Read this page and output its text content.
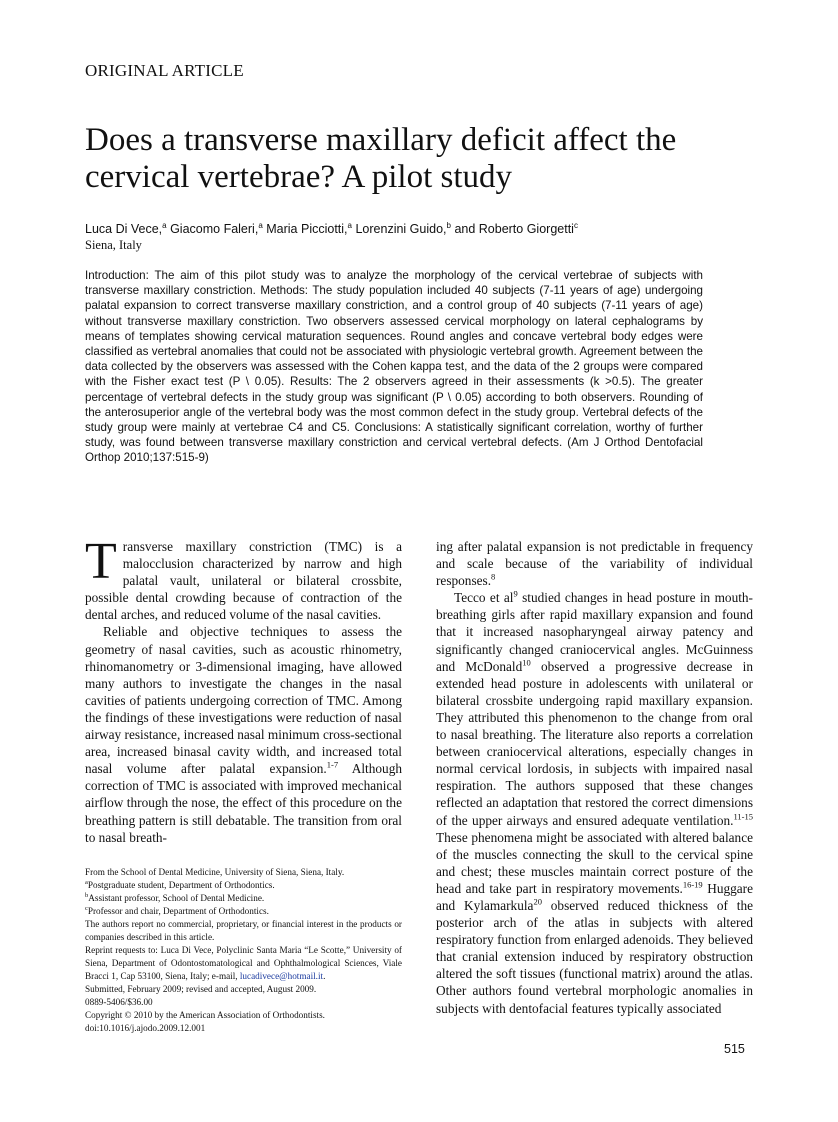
ORIGINAL ARTICLE
Does a transverse maxillary deficit affect the cervical vertebrae? A pilot study
Luca Di Vece,$^a$ Giacomo Faleri,$^a$ Maria Picciotti,$^a$ Lorenzini Guido,$^b$ and Roberto Giorgetti$^c$
Siena, Italy

Introduction: The aim of this pilot study was to analyze the morphology of the cervical vertebrae of subjects with transverse maxillary constriction. Methods: The study population included 40 subjects (7-11 years of age) undergoing palatal expansion to correct transverse maxillary constriction, and a control group of 40 subjects (7-11 years of age) without transverse maxillary constriction. Two observers assessed cervical morphology on lateral cephalograms by means of templates showing cervical maturation sequences. Round angles and concave vertebral body edges were classified as vertebral anomalies that could not be associated with physiologic vertebral growth. Agreement between the data collected by the observers was assessed with the Cohen kappa test, and the data of the 2 groups were compared with the Fisher exact test (P \ 0.05). Results: The 2 observers agreed in their assessments (k >0.5). The greater percentage of vertebral defects in the study group was significant (P \ 0.05) according to both observers. Rounding of the anterosuperior angle of the vertebral body was the most common defect in the study group. Vertebral defects of the study group were mainly at vertebrae C4 and C5. Conclusions: A statistically significant correlation, worthy of further study, was found between transverse maxillary constriction and cervical vertebral defects. (Am J Orthod Dentofacial Orthop 2010;137:515-9)

Transverse maxillary constriction (TMC) is a malocclusion characterized by narrow and high palatal vault, unilateral or bilateral crossbite, possible dental crowding because of contraction of the dental arches, and reduced volume of the nasal cavities.

Reliable and objective techniques to assess the geometry of nasal cavities, such as acoustic rhinometry, rhinomanometry or 3-dimensional imaging, have allowed many authors to investigate the changes in the nasal cavities of patients undergoing correction of TMC. Among the findings of these investigations were reduction of nasal airway resistance, increased nasal minimum cross-sectional area, increased binasal cavity width, and increased total nasal volume after palatal expansion.$^{1-7}$ Although correction of TMC is associated with improved mechanical airflow through the nose, the effect of this procedure on the breathing pattern is still debatable. The transition from oral to nasal breath-

ing after palatal expansion is not predictable in frequency and scale because of the variability of individual responses.$^8$

Tecco et $al^9$ studied changes in head posture in mouth-breathing girls after rapid maxillary expansion and found that it increased nasopharyngeal airway patency and significantly changed craniocervical angles. McGuinness and McDonald$^{10}$ observed a progressive decrease in extended head posture in adolescents with unilateral or bilateral crossbite undergoing rapid maxillary expansion. They attributed this phenomenon to the change from oral to nasal breathing. The literature also reports a correlation between craniocervical alterations, especially changes in normal cervical lordosis, in subjects with impaired nasal respiration. The authors supposed that these changes reflected an adaptation that restored the correct dimensions of the upper airways and ensured adequate ventilation.$^{11-15}$ These phenomena might be associated with altered balance of the muscles connecting the skull to the cervical spine and chest; these muscles maintain correct posture of the head and take part in respiratory movements.$^{16-19}$ Huggare and Kylamarkula$^{20}$ observed reduced thickness of the posterior arch of the atlas in subjects with altered respiratory function from enlarged adenoids. They believed that cranial extension induced by respiratory obstruction altered the soft tissues (functional matrix) around the atlas. Other authors found vertebral morphologic anomalies in subjects with dentofacial features typically associated

From the School of Dental Medicine, University of Siena, Siena, Italy.

$^a$Postgraduate student, Department of Orthodontics.

$^b$Assistant professor, School of Dental Medicine.

$^c$Professor and chair, Department of Orthodontics.

The authors report no commercial, proprietary, or financial interest in the products or companies described in this article.

Reprint requests to: Luca Di Vece, Polyclinic Santa Maria “Le Scotte,” University of Siena, Department of Odontostomatological and Ophthalmological Sciences, Viale Bracci 1, Cap 53100, Siena, Italy; e-mail, lucadivece@hotmail.it.

Submitted, February 2009; revised and accepted, August 2009.

0889-5406/$36.00

Copyright © 2010 by the American Association of Orthodontists.

doi:10.1016/j.ajodo.2009.12.001

515
